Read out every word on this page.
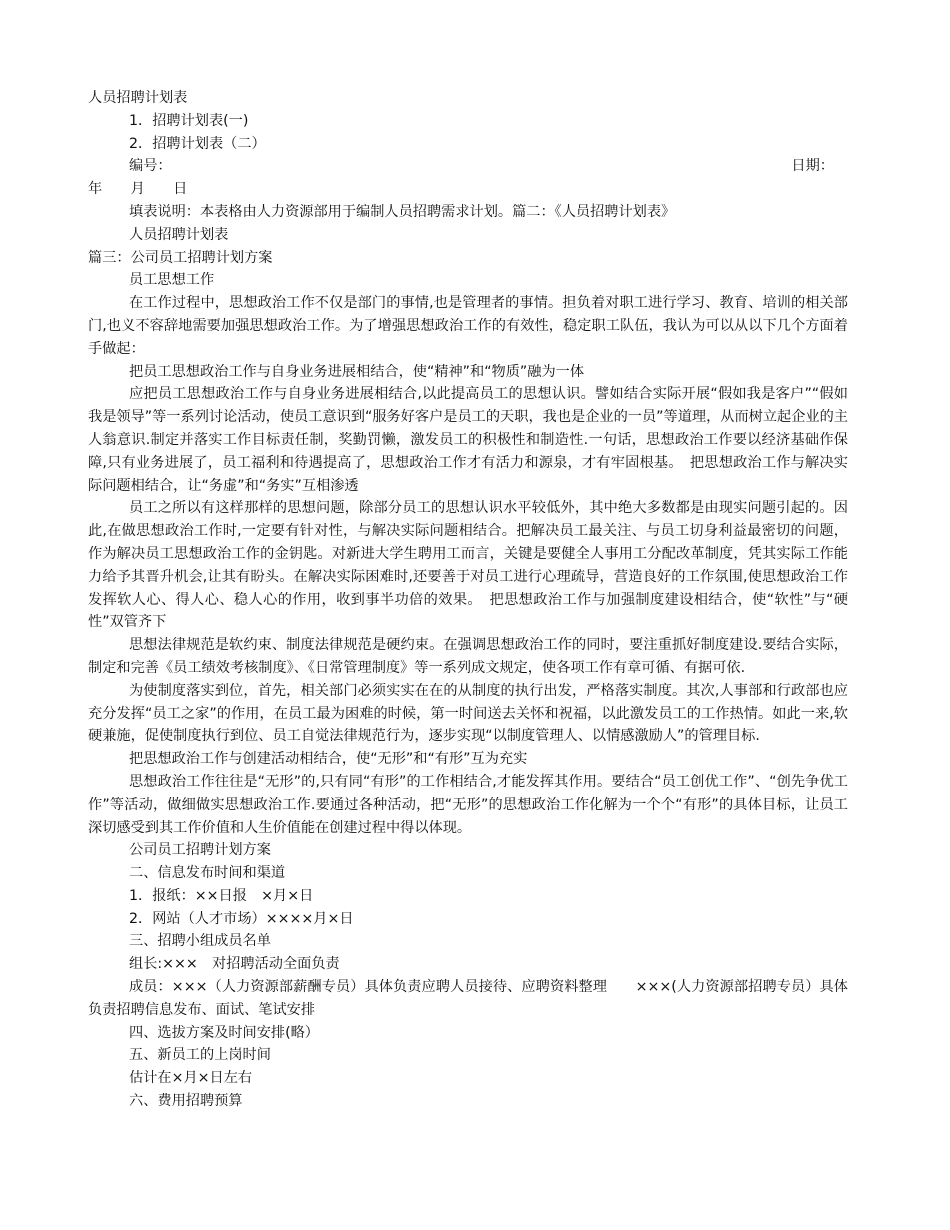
人员招聘计划表
1．招聘计划表(一)
2．招聘计划表（二）
编号：	日期：
年　　月　　日
填表说明：本表格由人力资源部用于编制人员招聘需求计划。篇二：《人员招聘计划表》
人员招聘计划表
篇三：公司员工招聘计划方案
员工思想工作
在工作过程中，思想政治工作不仅是部门的事情,也是管理者的事情。担负着对职工进行学习、教育、培训的相关部门,也义不容辞地需要加强思想政治工作。为了增强思想政治工作的有效性，稳定职工队伍，我认为可以从以下几个方面着手做起：
把员工思想政治工作与自身业务进展相结合，使“精神”和“物质”融为一体
应把员工思想政治工作与自身业务进展相结合,以此提高员工的思想认识。譬如结合实际开展“假如我是客户”“假如我是领导”等一系列讨论活动，使员工意识到“服务好客户是员工的天职，我也是企业的一员”等道理，从而树立起企业的主人翁意识.制定并落实工作目标责任制，奖勤罚懒，激发员工的积极性和制造性.一句话，思想政治工作要以经济基础作保障,只有业务进展了，员工福利和待遇提高了，思想政治工作才有活力和源泉，才有牢固根基。　把思想政治工作与解决实际问题相结合，让“务虚”和“务实”互相渗透
员工之所以有这样那样的思想问题，除部分员工的思想认识水平较低外，其中绝大多数都是由现实问题引起的。因此,在做思想政治工作时,一定要有针对性，与解决实际问题相结合。把解决员工最关注、与员工切身利益最密切的问题，作为解决员工思想政治工作的金钥匙。对新进大学生聘用工而言，关键是要健全人事用工分配改革制度，凭其实际工作能力给予其晋升机会,让其有盼头。在解决实际困难时,还要善于对员工进行心理疏导，营造良好的工作氛围,使思想政治工作发挥软人心、得人心、稳人心的作用，收到事半功倍的效果。　把思想政治工作与加强制度建设相结合，使“软性”与“硬性”双管齐下
思想法律规范是软约束、制度法律规范是硬约束。在强调思想政治工作的同时，要注重抓好制度建设.要结合实际，制定和完善《员工绩效考核制度》、《日常管理制度》等一系列成文规定，使各项工作有章可循、有据可依.
为使制度落实到位，首先，相关部门必须实实在在的从制度的执行出发，严格落实制度。其次,人事部和行政部也应充分发挥“员工之家”的作用，在员工最为困难的时候，第一时间送去关怀和祝福，以此激发员工的工作热情。如此一来,软硬兼施，促使制度执行到位、员工自觉法律规范行为，逐步实现“以制度管理人、以情感激励人”的管理目标.
把思想政治工作与创建活动相结合，使“无形”和“有形”互为充实
思想政治工作往往是“无形”的,只有同“有形”的工作相结合,才能发挥其作用。要结合“员工创优工作”、“创先争优工作”等活动，做细做实思想政治工作.要通过各种活动，把“无形”的思想政治工作化解为一个个“有形”的具体目标，让员工深切感受到其工作价值和人生价值能在创建过程中得以体现。
公司员工招聘计划方案
二、信息发布时间和渠道
1．报纸：××日报　×月×日
2．网站（人才市场）××××月×日
三、招聘小组成员名单
组长:×××　对招聘活动全面负责
成员：×××（人力资源部薪酬专员）具体负责应聘人员接待、应聘资料整理　　×××(人力资源部招聘专员）具体负责招聘信息发布、面试、笔试安排
四、选拔方案及时间安排(略）
五、新员工的上岗时间
估计在×月×日左右
六、费用招聘预算
